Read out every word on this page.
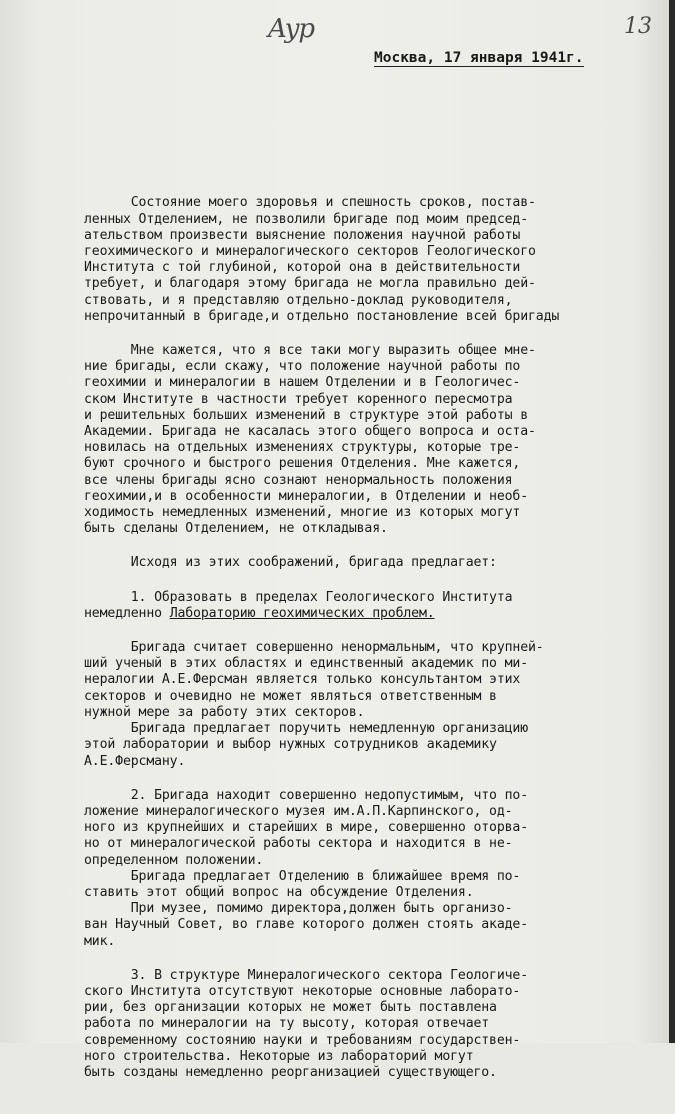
Ayp	13
Москва, 17 января 1941г.

Состояние моего здоровья и спешность сроков, постав-
ленных Отделением, не позволили бригаде под моим председ-
ательством произвести выяснение положения научной работы
геохимического и минералогического секторов Геологического
Института с той глубиной, которой она в действительности
требует, и благодаря этому бригада не могла правильно дей-
ствовать, и я представляю отдельно-доклад руководителя,
непрочитанный в бригаде,и отдельно постановление всей бригады
Мне кажется, что я все таки могу выразить общее мне-
ние бригады, если скажу, что положение научной работы по
геохимии и минералогии в нашем Отделении и в Геологичес-
ском Институте в частности требует коренного пересмотра
и решительных больших изменений в структуре этой работы в
Академии. Бригада не касалась этого общего вопроса и оста-
новилась на отдельных изменениях структуры, которые тре-
буют срочного и быстрого решения Отделения. Мне кажется,
все члены бригады ясно сознают ненормальность положения
геохимии,и в особенности минералогии, в Отделении и необ-
ходимость немедленных изменений, многие из которых могут
быть сделаны Отделением, не откладывая.
Исходя из этих соображений, бригада предлагает:
1. Образовать в пределах Геологического Института
немедленно Лабораторию геохимических проблем.
Бригада считает совершенно ненормальным, что крупней-
ший ученый в этих областях и единственный академик по ми-
нералогии А.Е.Ферсман является только консультантом этих
секторов и очевидно не может являться ответственным в
нужной мере за работу этих секторов.
Бригада предлагает поручить немедленную организацию
этой лаборатории и выбор нужных сотрудников академику
А.Е.Ферсману.
2. Бригада находит совершенно недопустимым, что по-
ложение минералогического музея им.А.П.Карпинского, од-
ного из крупнейших и старейших в мире, совершенно оторва-
но от минералогической работы сектора и находится в не-
определенном положении.
Бригада предлагает Отделению в ближайшее время по-
ставить этот общий вопрос на обсуждение Отделения.
При музее, помимо директора,должен быть организо-
ван Научный Совет, во главе которого должен стоять акаде-
мик.
3. В структуре Минералогического сектора Геологиче-
ского Института отсутствуют некоторые основные лаборато-
рии, без организации которых не может быть поставлена
работа по минералогии на ту высоту, которая отвечает
современному состоянию науки и требованиям государствен-
ного строительства. Некоторые из лабораторий могут
быть созданы немедленно реорганизацией существующего.
